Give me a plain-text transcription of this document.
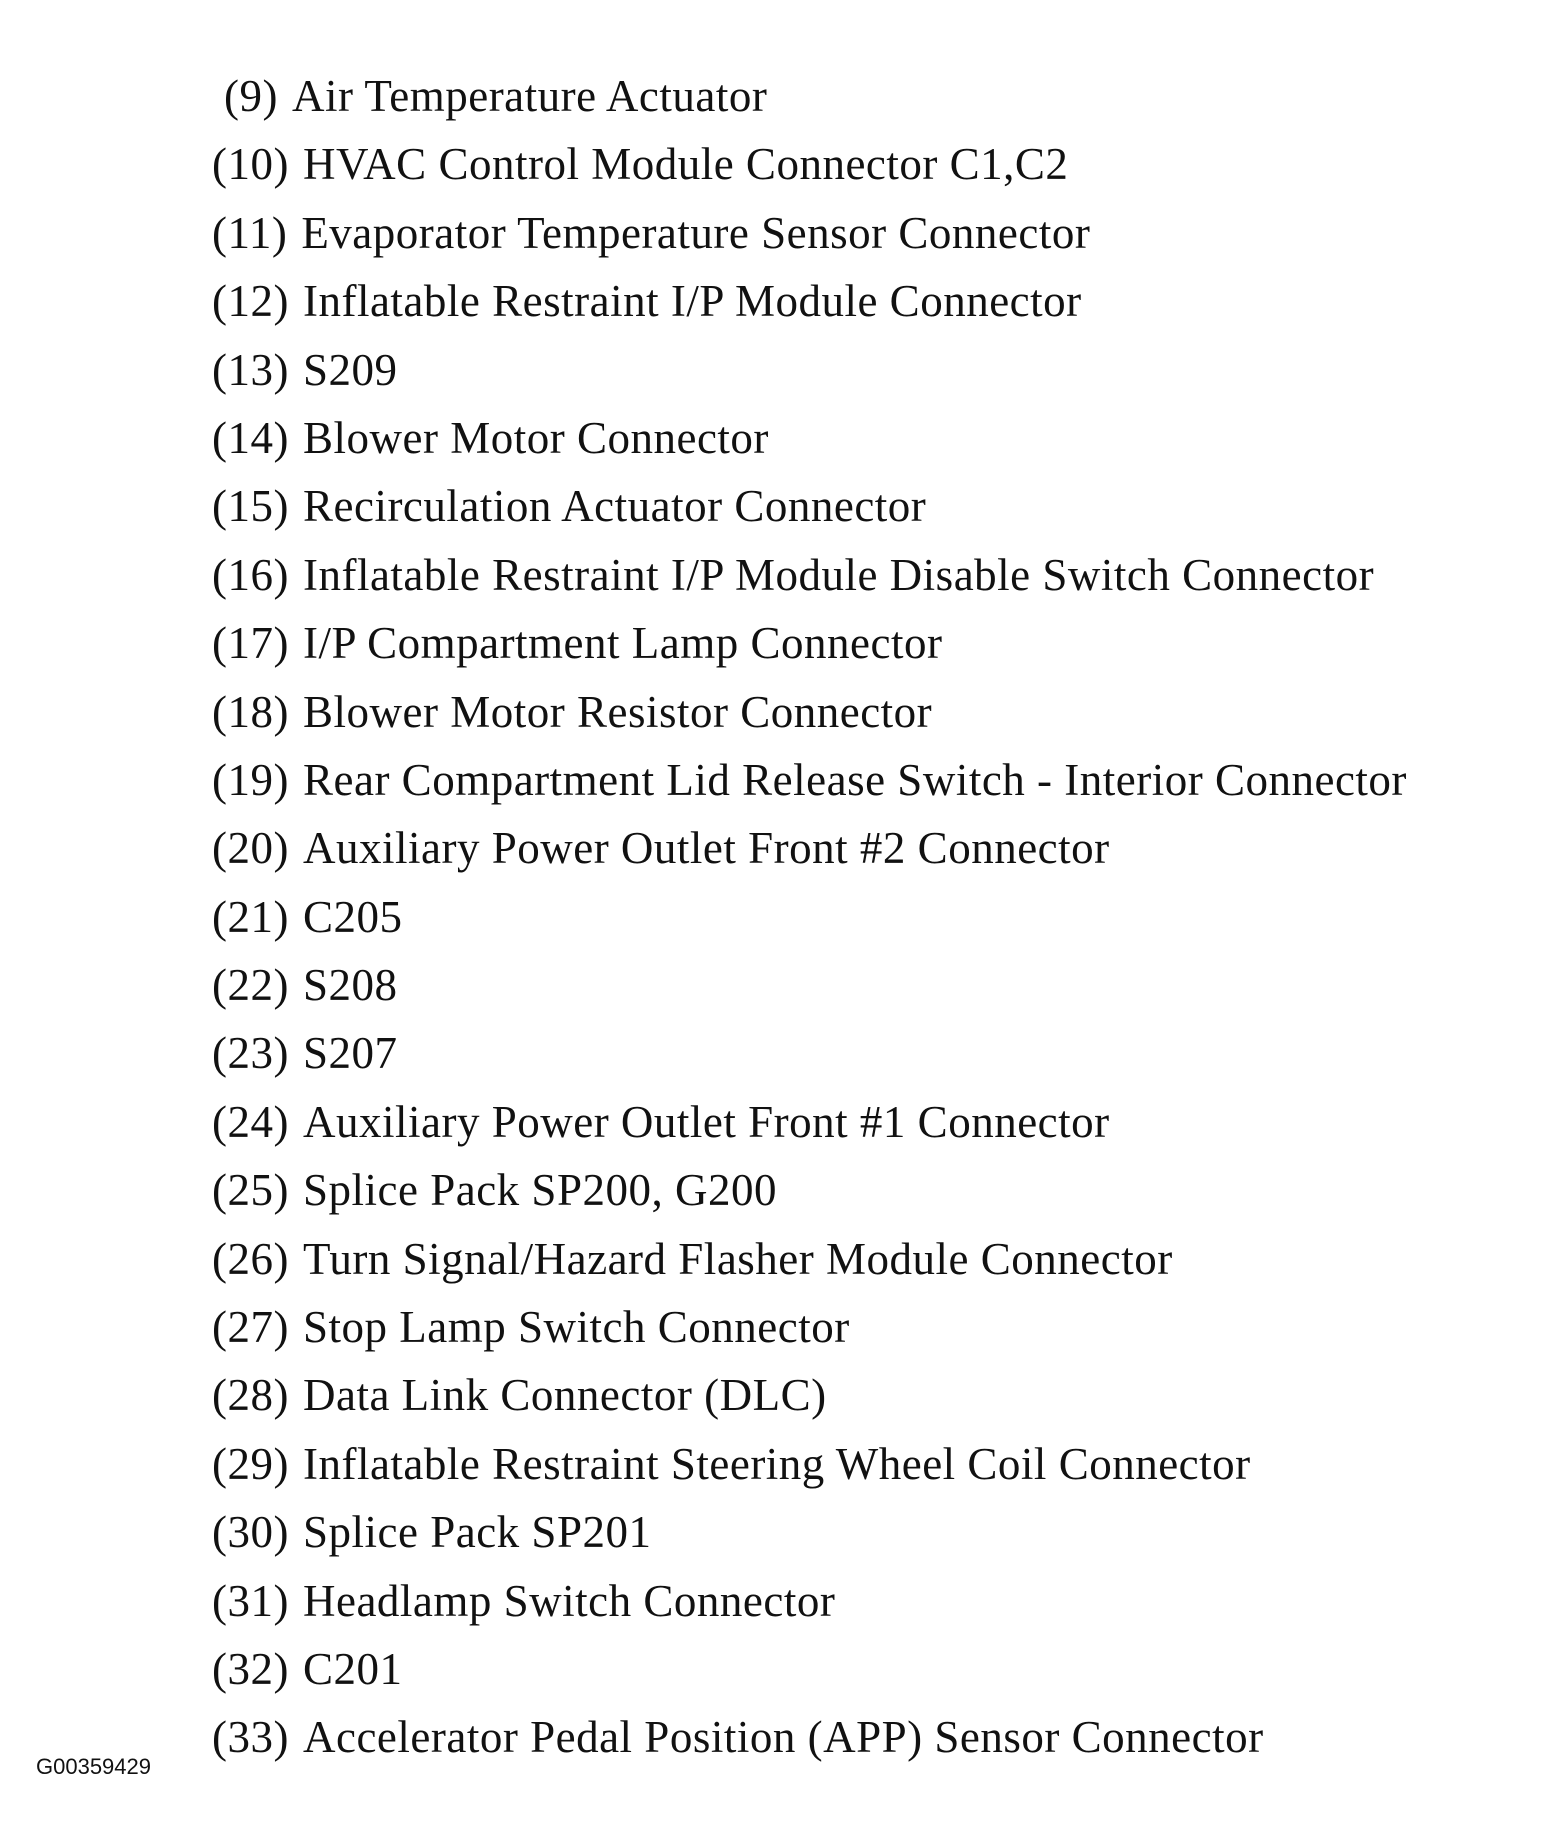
(9) Air Temperature Actuator
(10) HVAC Control Module Connector C1,C2
(11) Evaporator Temperature Sensor Connector
(12) Inflatable Restraint I/P Module Connector
(13) S209
(14) Blower Motor Connector
(15) Recirculation Actuator Connector
(16) Inflatable Restraint I/P Module Disable Switch Connector
(17) I/P Compartment Lamp Connector
(18) Blower Motor Resistor Connector
(19) Rear Compartment Lid Release Switch - Interior Connector
(20) Auxiliary Power Outlet Front #2 Connector
(21) C205
(22) S208
(23) S207
(24) Auxiliary Power Outlet Front #1 Connector
(25) Splice Pack SP200, G200
(26) Turn Signal/Hazard Flasher Module Connector
(27) Stop Lamp Switch Connector
(28) Data Link Connector (DLC)
(29) Inflatable Restraint Steering Wheel Coil Connector
(30) Splice Pack SP201
(31) Headlamp Switch Connector
(32) C201
(33) Accelerator Pedal Position (APP) Sensor Connector
G00359429
